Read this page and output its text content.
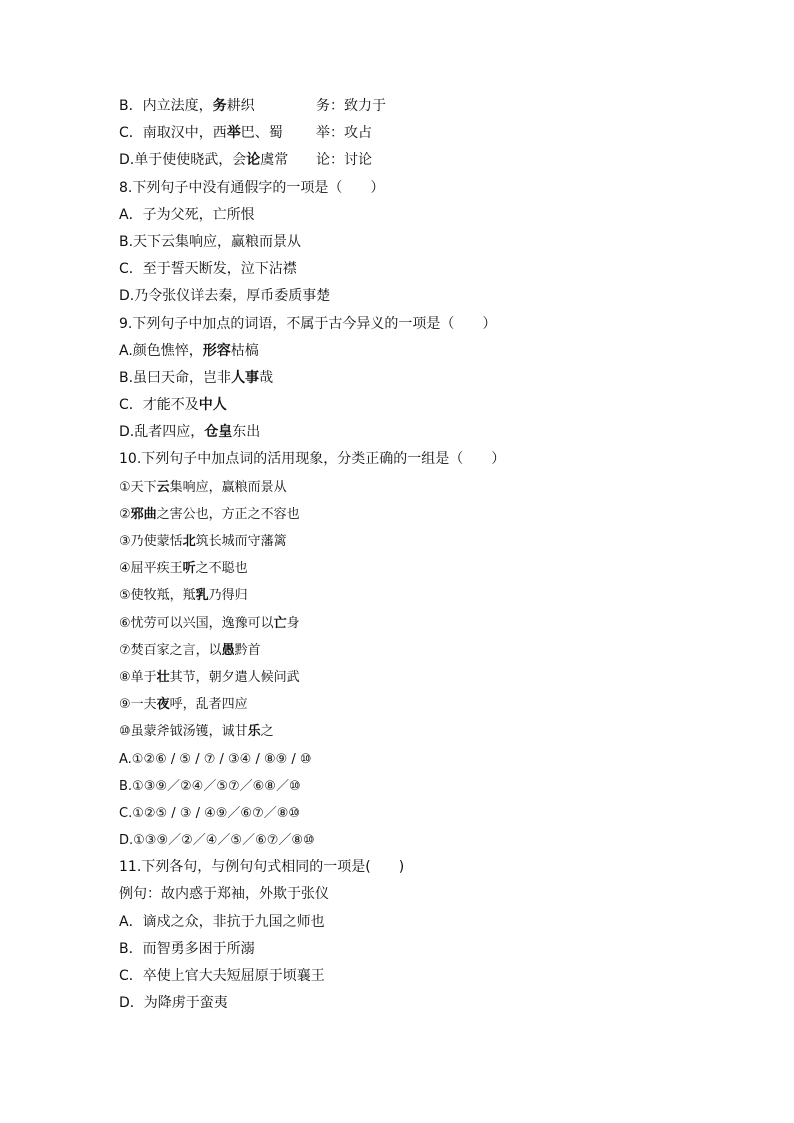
B．内立法度，务耕织	务：致力于
C．南取汉中，西举巴、蜀 举：攻占
D.单于使使晓武，会论虞常 论：讨论
8.下列句子中没有通假字的一项是（　　）
A．子为父死，亡所恨
B.天下云集响应，赢粮而景从
C．至于誓天断发，泣下沾襟
D.乃令张仪详去秦，厚币委质事楚
9.下列句子中加点的词语，不属于古今异义的一项是（　　）
A.颜色憔悴，形容枯槁
B.虽曰天命，岂非人事哉
C．才能不及中人
D.乱者四应，仓皇东出
10.下列句子中加点词的活用现象，分类正确的一组是（　　）
①天下云集响应，赢粮而景从
②邪曲之害公也，方正之不容也
③乃使蒙恬北筑长城而守藩篱
④屈平疾王听之不聪也
⑤使牧羝，羝乳乃得归
⑥忧劳可以兴国，逸豫可以亡身
⑦焚百家之言，以愚黔首
⑧单于壮其节，朝夕遣人候问武
⑨一夫夜呼，乱者四应
⑩虽蒙斧钺汤镬，诚甘乐之
A.①②⑥ / ⑤ / ⑦ / ③④ / ⑧⑨ / ⑩
B.①③⑨／②④／⑤⑦／⑥⑧／⑩
C.①②⑤ / ③ / ④⑨／⑥⑦／⑧⑩
D.①③⑨／②／④／⑤／⑥⑦／⑧⑩
11.下列各句，与例句句式相同的一项是(　　)
例句：故内惑于郑袖，外欺于张仪
A．谪戍之众，非抗于九国之师也
B．而智勇多困于所溺
C．卒使上官大夫短屈原于顷襄王
D．为降虏于蛮夷
